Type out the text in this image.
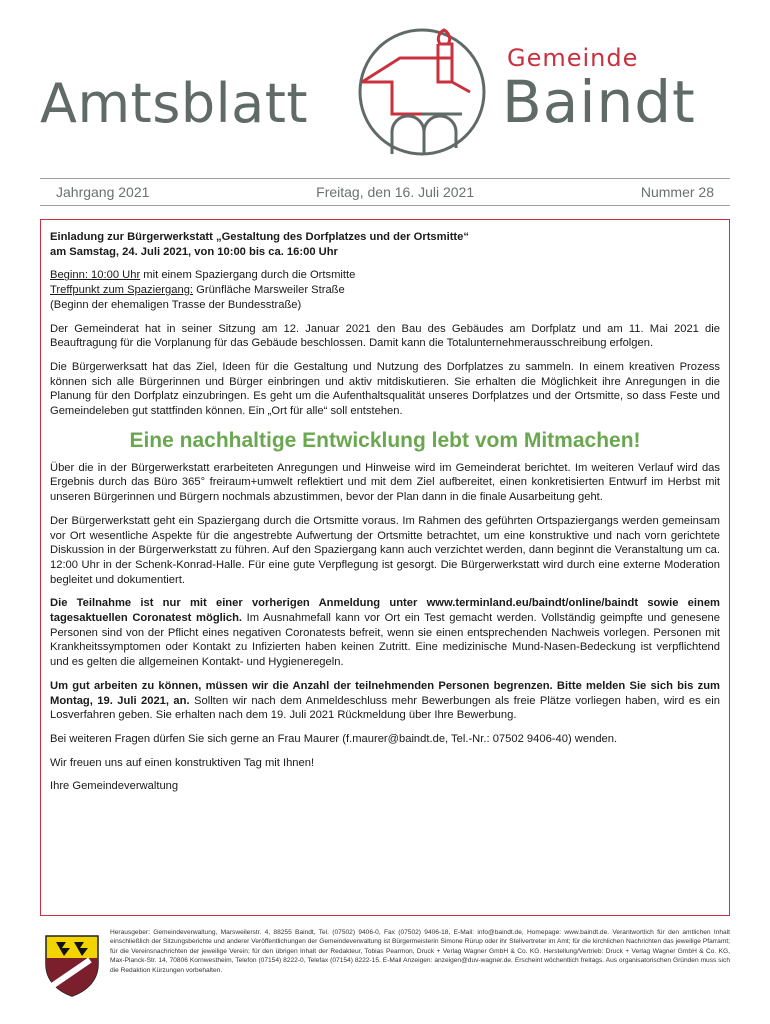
Amtsblatt
Gemeinde
Baindt
Jahrgang 2021	Freitag, den 16. Juli 2021	Nummer 28

Einladung zur Bürgerwerkstatt „Gestaltung des Dorfplatzes und der Ortsmitte“
am Samstag, 24. Juli 2021, von 10:00 bis ca. 16:00 Uhr

Beginn: 10:00 Uhr mit einem Spaziergang durch die Ortsmitte
Treffpunkt zum Spaziergang: Grünfläche Marsweiler Straße
(Beginn der ehemaligen Trasse der Bundesstraße)

Der Gemeinderat hat in seiner Sitzung am 12. Januar 2021 den Bau des Gebäudes am Dorfplatz und am 11. Mai 2021 die Beauftragung für die Vorplanung für das Gebäude beschlossen. Damit kann die Totalunternehmerausschreibung erfolgen.

Die Bürgerwerksatt hat das Ziel, Ideen für die Gestaltung und Nutzung des Dorfplatzes zu sammeln. In einem kreativen Prozess können sich alle Bürgerinnen und Bürger einbringen und aktiv mitdiskutieren. Sie erhalten die Möglichkeit ihre Anregungen in die Planung für den Dorfplatz einzubringen. Es geht um die Aufenthaltsqualität unseres Dorfplatzes und der Ortsmitte, so dass Feste und Gemeindeleben gut stattfinden können. Ein „Ort für alle“ soll entstehen.

Eine nachhaltige Entwicklung lebt vom Mitmachen!

Über die in der Bürgerwerkstatt erarbeiteten Anregungen und Hinweise wird im Gemeinderat berichtet. Im weiteren Verlauf wird das Ergebnis durch das Büro 365° freiraum+umwelt reflektiert und mit dem Ziel aufbereitet, einen konkretisierten Entwurf im Herbst mit unseren Bürgerinnen und Bürgern nochmals abzustimmen, bevor der Plan dann in die finale Ausarbeitung geht.

Der Bürgerwerkstatt geht ein Spaziergang durch die Ortsmitte voraus. Im Rahmen des geführten Ortspaziergangs werden gemeinsam vor Ort wesentliche Aspekte für die angestrebte Aufwertung der Ortsmitte betrachtet, um eine konstruktive und nach vorn gerichtete Diskussion in der Bürgerwerkstatt zu führen. Auf den Spaziergang kann auch verzichtet werden, dann beginnt die Veranstaltung um ca. 12:00 Uhr in der Schenk-Konrad-Halle. Für eine gute Verpflegung ist gesorgt. Die Bürgerwerkstatt wird durch eine externe Moderation begleitet und dokumentiert.

Die Teilnahme ist nur mit einer vorherigen Anmeldung unter www.terminland.eu/baindt/online/baindt sowie einem tagesaktuellen Coronatest möglich. Im Ausnahmefall kann vor Ort ein Test gemacht werden. Vollständig geimpfte und genesene Personen sind von der Pflicht eines negativen Coronatests befreit, wenn sie einen entsprechenden Nachweis vorlegen. Personen mit Krankheitssymptomen oder Kontakt zu Infizierten haben keinen Zutritt. Eine medizinische Mund-Nasen-Bedeckung ist verpflichtend und es gelten die allgemeinen Kontakt- und Hygieneregeln.

Um gut arbeiten zu können, müssen wir die Anzahl der teilnehmenden Personen begrenzen. Bitte melden Sie sich bis zum Montag, 19. Juli 2021, an. Sollten wir nach dem Anmeldeschluss mehr Bewerbungen als freie Plätze vorliegen haben, wird es ein Losverfahren geben. Sie erhalten nach dem 19. Juli 2021 Rückmeldung über Ihre Bewerbung.

Bei weiteren Fragen dürfen Sie sich gerne an Frau Maurer (f.maurer@baindt.de, Tel.-Nr.: 07502 9406-40) wenden.

Wir freuen uns auf einen konstruktiven Tag mit Ihnen!

Ihre Gemeindeverwaltung

Herausgeber: Gemeindeverwaltung, Marsweilerstr. 4, 88255 Baindt, Tel. (07502) 9406-0, Fax (07502) 9406-18, E-Mail: info@baindt.de, Homepage: www.baindt.de. Verantwortlich für den amtlichen Inhalt einschließlich der Sitzungsberichte und anderer Veröffentlichungen der Gemeindeverwaltung ist Bürgermeisterin Simone Rürup oder ihr Stellvertreter im Amt; für die kirchlichen Nachrichten das jeweilige Pfarramt; für die Vereinsnachrichten der jeweilige Verein; für den übrigen Inhalt der Redakteur, Tobias Pearmon, Druck + Verlag Wagner GmbH & Co. KG. Herstellung/Vertrieb: Druck + Verlag Wagner GmbH & Co. KG, Max-Planck-Str. 14, 70806 Kornwestheim, Telefon (07154) 8222-0, Telefax (07154) 8222-15. E-Mail Anzeigen: anzeigen@duv-wagner.de. Erscheint wöchentlich freitags. Aus organisatorischen Gründen muss sich die Redaktion Kürzungen vorbehalten.
